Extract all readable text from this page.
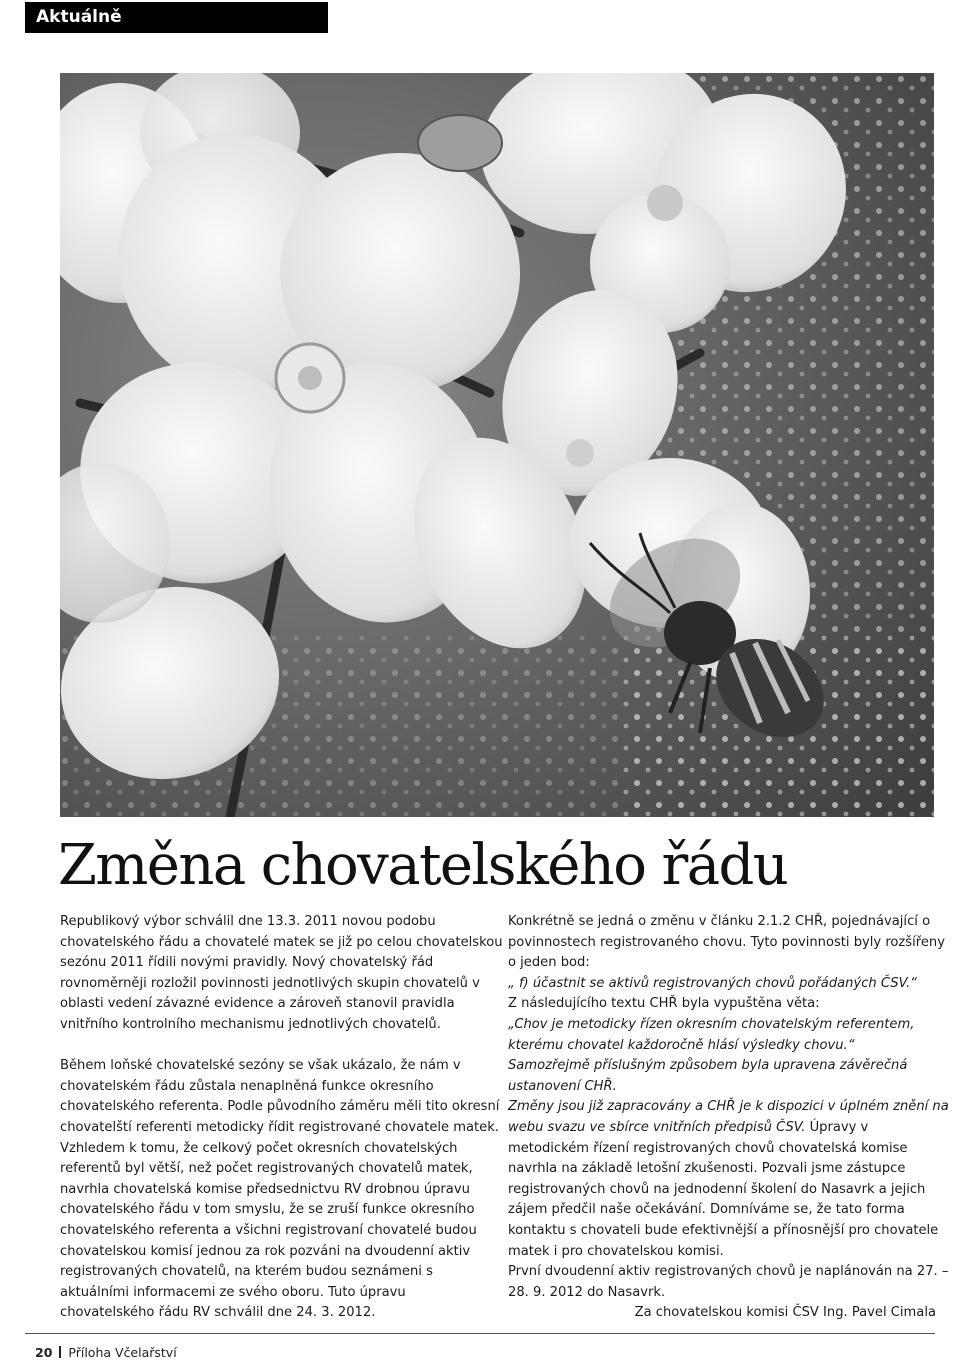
Aktuálně
Změna chovatelského řádu

Republikový výbor schválil dne 13.3. 2011 novou podobu chovatelského řádu a chovatelé matek se již po celou chovatelskou sezónu 2011 řídili novými pravidly. Nový chovatelský řád rovnoměrněji rozložil povinnosti jednotlivých skupin chovatelů v oblasti vedení závazné evidence a zároveň stanovil pravidla vnitřního kontrolního mechanismu jednotlivých chovatelů.

Během loňské chovatelské sezóny se však ukázalo, že nám v chovatelském řádu zůstala nenaplněná funkce okresního chovatelského referenta. Podle původního záměru měli tito okresní chovatelští referenti metodicky řídit registrované chovatele matek. Vzhledem k tomu, že celkový počet okresních chovatelských referentů byl větší, než počet registrovaných chovatelů matek, navrhla chovatelská komise předsednictvu RV drobnou úpravu chovatelského řádu v tom smyslu, že se zruší funkce okresního chovatelského referenta a všichni registrovaní chovatelé budou chovatelskou komisí jednou za rok pozváni na dvoudenní aktiv registrovaných chovatelů, na kterém budou seznámeni s aktuálními informacemi ze svého oboru. Tuto úpravu chovatelského řádu RV schválil dne 24. 3. 2012.

Konkrétně se jedná o změnu v článku 2.1.2 CHŘ, pojednávající o povinnostech registrovaného chovu. Tyto povinnosti byly rozšířeny o jeden bod:

„ f) účastnit se aktivů registrovaných chovů pořádaných ČSV.“

Z následujícího textu CHŘ byla vypuštěna věta:

„Chov je metodicky řízen okresním chovatelským referentem, kterému chovatel každoročně hlásí výsledky chovu.“

Samozřejmě příslušným způsobem byla upravena závěrečná ustanovení CHŘ.

Změny jsou již zapracovány a CHŘ je k dispozici v úplném znění na webu svazu ve sbírce vnitřních předpisů ČSV. Úpravy v metodickém řízení registrovaných chovů chovatelská komise navrhla na základě letošní zkušenosti. Pozvali jsme zástupce registrovaných chovů na jednodenní školení do Nasavrk a jejich zájem předčil naše očekávání. Domníváme se, že tato forma kontaktu s chovateli bude efektivnější a přínosnější pro chovatele matek i pro chovatelskou komisi.

První dvoudenní aktiv registrovaných chovů je naplánován na 27. – 28. 9. 2012 do Nasavrk.

Za chovatelskou komisi ČSV Ing. Pavel Cimala

20 Příloha Včelařství
